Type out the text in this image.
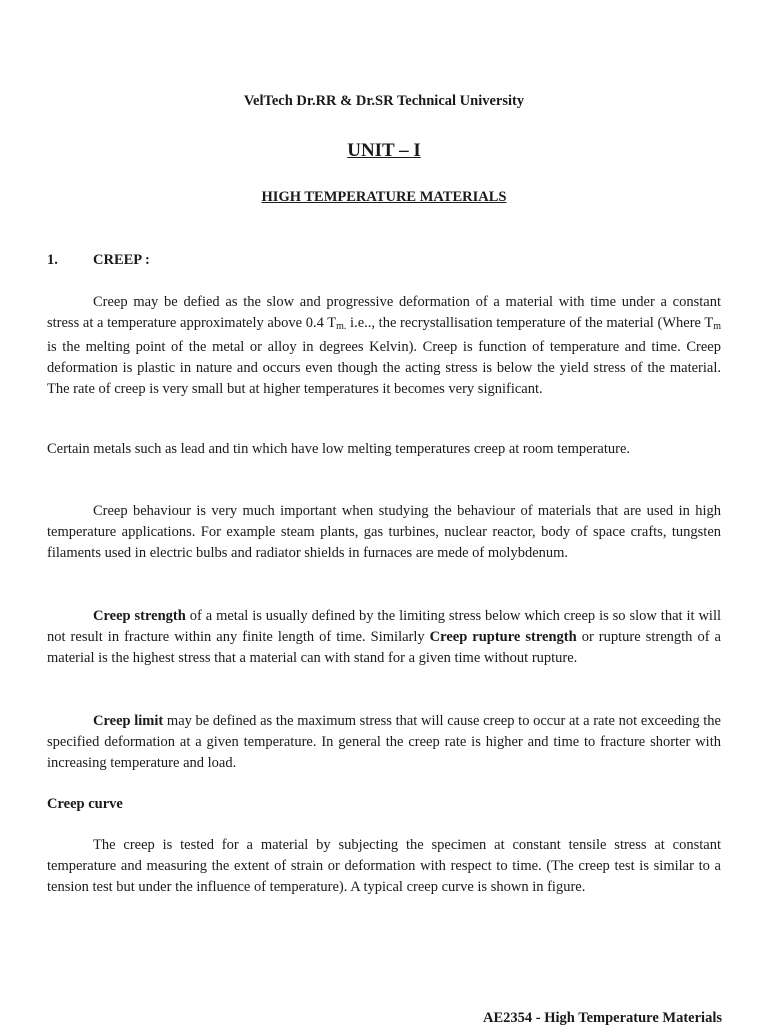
VelTech Dr.RR & Dr.SR Technical University
UNIT – I
HIGH TEMPERATURE MATERIALS
1. CREEP :
Creep may be defied as the slow and progressive deformation of a material with time under a constant stress at a temperature approximately above 0.4 $T_{m.}$ i.e.., the recrystallisation temperature of the material (Where $T_m$ is the melting point of the metal or alloy in degrees Kelvin). Creep is function of temperature and time. Creep deformation is plastic in nature and occurs even though the acting stress is below the yield stress of the material. The rate of creep is very small but at higher temperatures it becomes very significant.
Certain metals such as lead and tin which have low melting temperatures creep at room temperature.
Creep behaviour is very much important when studying the behaviour of materials that are used in high temperature applications. For example steam plants, gas turbines, nuclear reactor, body of space crafts, tungsten filaments used in electric bulbs and radiator shields in furnaces are mede of molybdenum.
Creep strength of a metal is usually defined by the limiting stress below which creep is so slow that it will not result in fracture within any finite length of time. Similarly Creep rupture strength or rupture strength of a material is the highest stress that a material can with stand for a given time without rupture.
Creep limit may be defined as the maximum stress that will cause creep to occur at a rate not exceeding the specified deformation at a given temperature. In general the creep rate is higher and time to fracture shorter with increasing temperature and load.
Creep curve
The creep is tested for a material by subjecting the specimen at constant tensile stress at constant temperature and measuring the extent of strain or deformation with respect to time. (The creep test is similar to a tension test but under the influence of temperature). A typical creep curve is shown in figure.
AE2354 - High Temperature Materials
